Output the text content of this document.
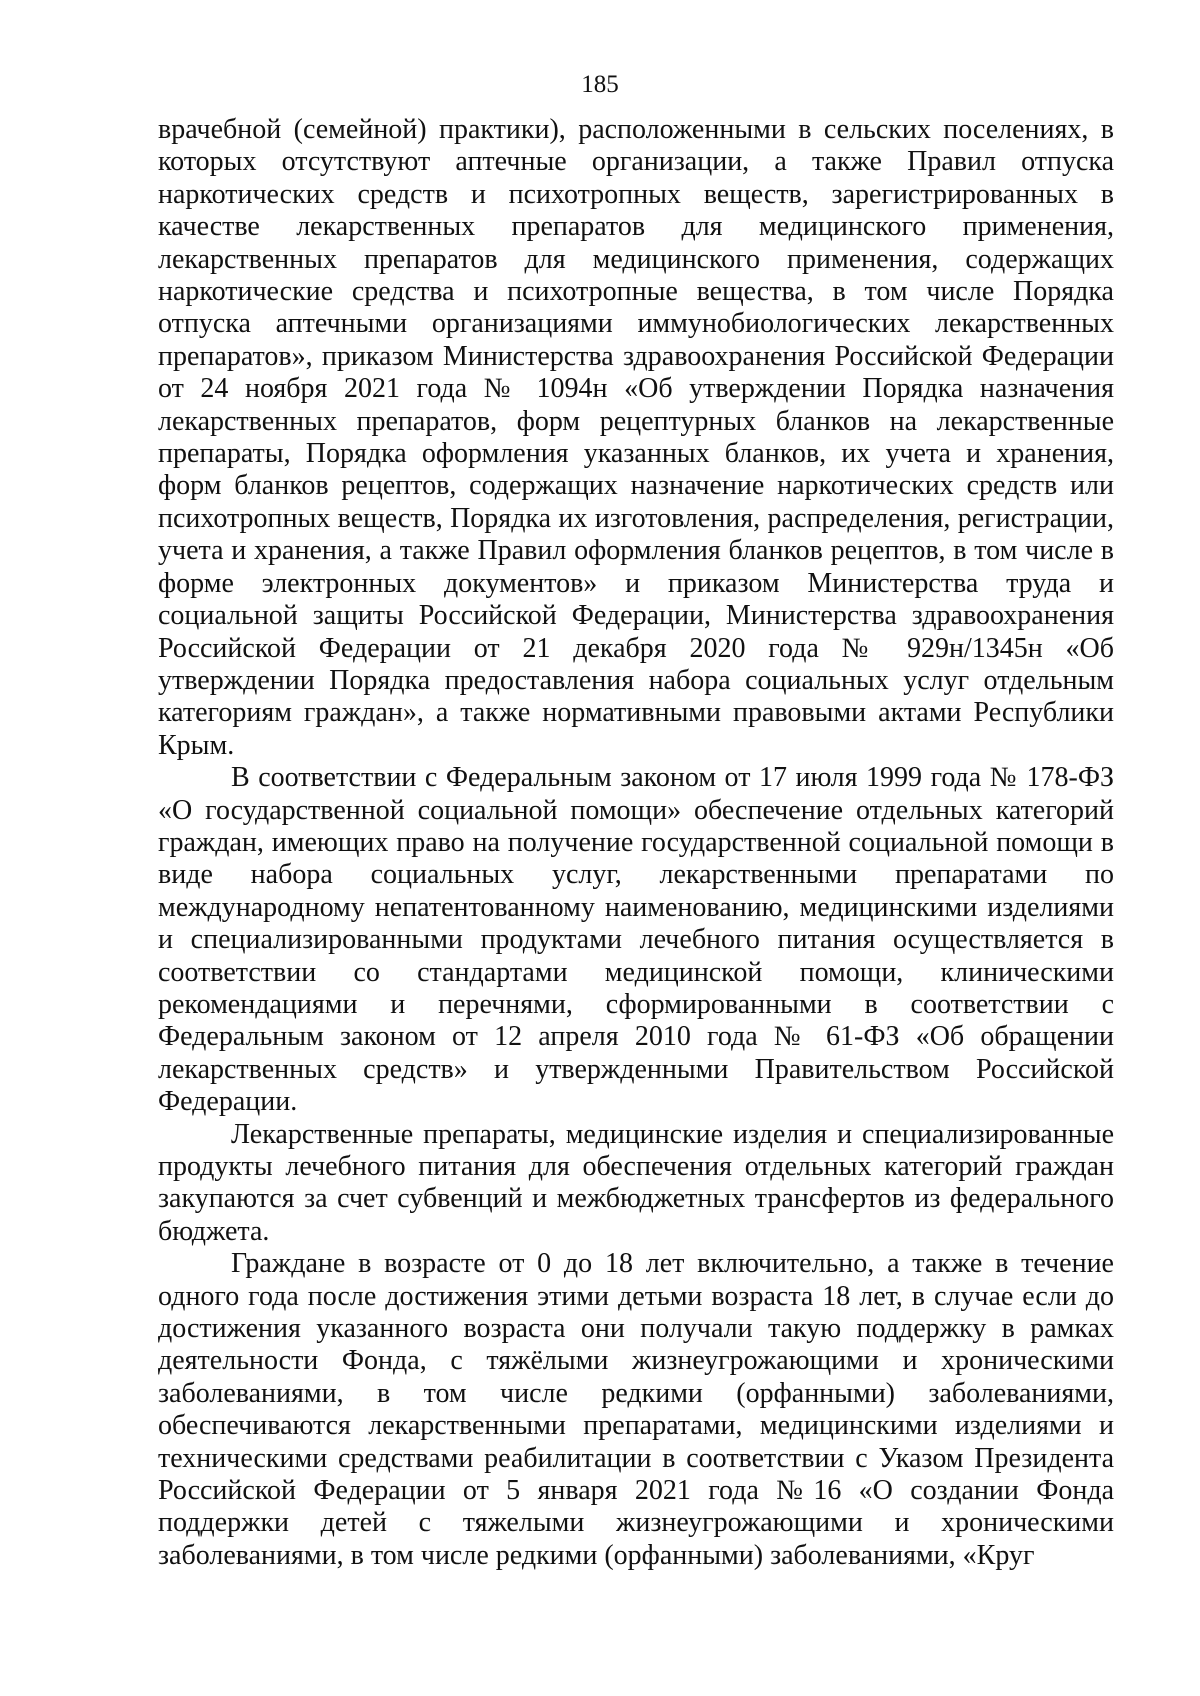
185

врачебной (семейной) практики), расположенными в сельских поселениях, в которых отсутствуют аптечные организации, а также Правил отпуска наркотических средств и психотропных веществ, зарегистрированных в качестве лекарственных препаратов для медицинского применения, лекарственных препаратов для медицинского применения, содержащих наркотические средства и психотропные вещества, в том числе Порядка отпуска аптечными организациями иммунобиологических лекарственных препаратов», приказом Министерства здравоохранения Российской Федерации от 24 ноября 2021 года № 1094н «Об утверждении Порядка назначения лекарственных препаратов, форм рецептурных бланков на лекарственные препараты, Порядка оформления указанных бланков, их учета и хранения, форм бланков рецептов, содержащих назначение наркотических средств или психотропных веществ, Порядка их изготовления, распределения, регистрации, учета и хранения, а также Правил оформления бланков рецептов, в том числе в форме электронных документов» и приказом Министерства труда и социальной защиты Российской Федерации, Министерства здравоохранения Российской Федерации от 21 декабря 2020 года № 929н/1345н «Об утверждении Порядка предоставления набора социальных услуг отдельным категориям граждан», а также нормативными правовыми актами Республики Крым.

В соответствии с Федеральным законом от 17 июля 1999 года № 178-ФЗ «О государственной социальной помощи» обеспечение отдельных категорий граждан, имеющих право на получение государственной социальной помощи в виде набора социальных услуг, лекарственными препаратами по международному непатентованному наименованию, медицинскими изделиями и специализированными продуктами лечебного питания осуществляется в соответствии со стандартами медицинской помощи, клиническими рекомендациями и перечнями, сформированными в соответствии с Федеральным законом от 12 апреля 2010 года № 61-ФЗ «Об обращении лекарственных средств» и утвержденными Правительством Российской Федерации.

Лекарственные препараты, медицинские изделия и специализированные продукты лечебного питания для обеспечения отдельных категорий граждан закупаются за счет субвенций и межбюджетных трансфертов из федерального бюджета.

Граждане в возрасте от 0 до 18 лет включительно, а также в течение одного года после достижения этими детьми возраста 18 лет, в случае если до достижения указанного возраста они получали такую поддержку в рамках деятельности Фонда, с тяжёлыми жизнеугрожающими и хроническими заболеваниями, в том числе редкими (орфанными) заболеваниями, обеспечиваются лекарственными препаратами, медицинскими изделиями и техническими средствами реабилитации в соответствии с Указом Президента Российской Федерации от 5 января 2021 года №16 «О создании Фонда поддержки детей с тяжелыми жизнеугрожающими и хроническими заболеваниями, в том числе редкими (орфанными) заболеваниями, «Круг
